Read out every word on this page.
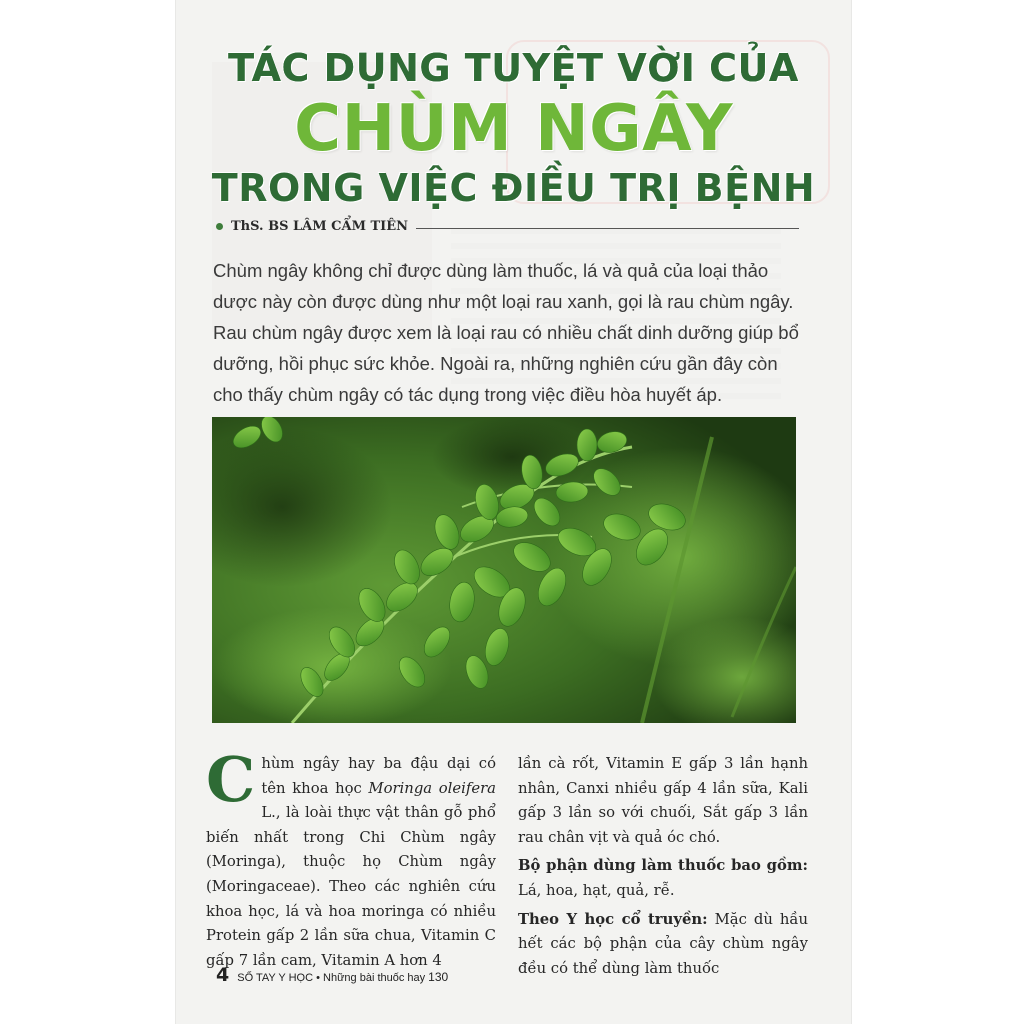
TÁC DỤNG TUYỆT VỜI CỦA
CHÙM NGÂY
TRONG VIỆC ĐIỀU TRỊ BỆNH
ThS. BS LÂM CẨM TIÊN

Chùm ngây không chỉ được dùng làm thuốc, lá và quả của loại thảo dược này còn được dùng như một loại rau xanh, gọi là rau chùm ngây. Rau chùm ngây được xem là loại rau có nhiều chất dinh dưỡng giúp bổ dưỡng, hồi phục sức khỏe. Ngoài ra, những nghiên cứu gần đây còn cho thấy chùm ngây có tác dụng trong việc điều hòa huyết áp.

Chùm ngây hay ba đậu dại có tên khoa học Moringa oleifera L., là loài thực vật thân gỗ phổ biến nhất trong Chi Chùm ngây (Moringa), thuộc họ Chùm ngây (Moringaceae). Theo các nghiên cứu khoa học, lá và hoa moringa có nhiều Protein gấp 2 lần sữa chua, Vitamin C gấp 7 lần cam, Vitamin A hơn 4

lần cà rốt, Vitamin E gấp 3 lần hạnh nhân, Canxi nhiều gấp 4 lần sữa, Kali gấp 3 lần so với chuối, Sắt gấp 3 lần rau chân vịt và quả óc chó.

Bộ phận dùng làm thuốc bao gồm: Lá, hoa, hạt, quả, rễ.

Theo Y học cổ truyền: Mặc dù hầu hết các bộ phận của cây chùm ngây đều có thể dùng làm thuốc

4 SỔ TAY Y HỌC • Những bài thuốc hay 130
